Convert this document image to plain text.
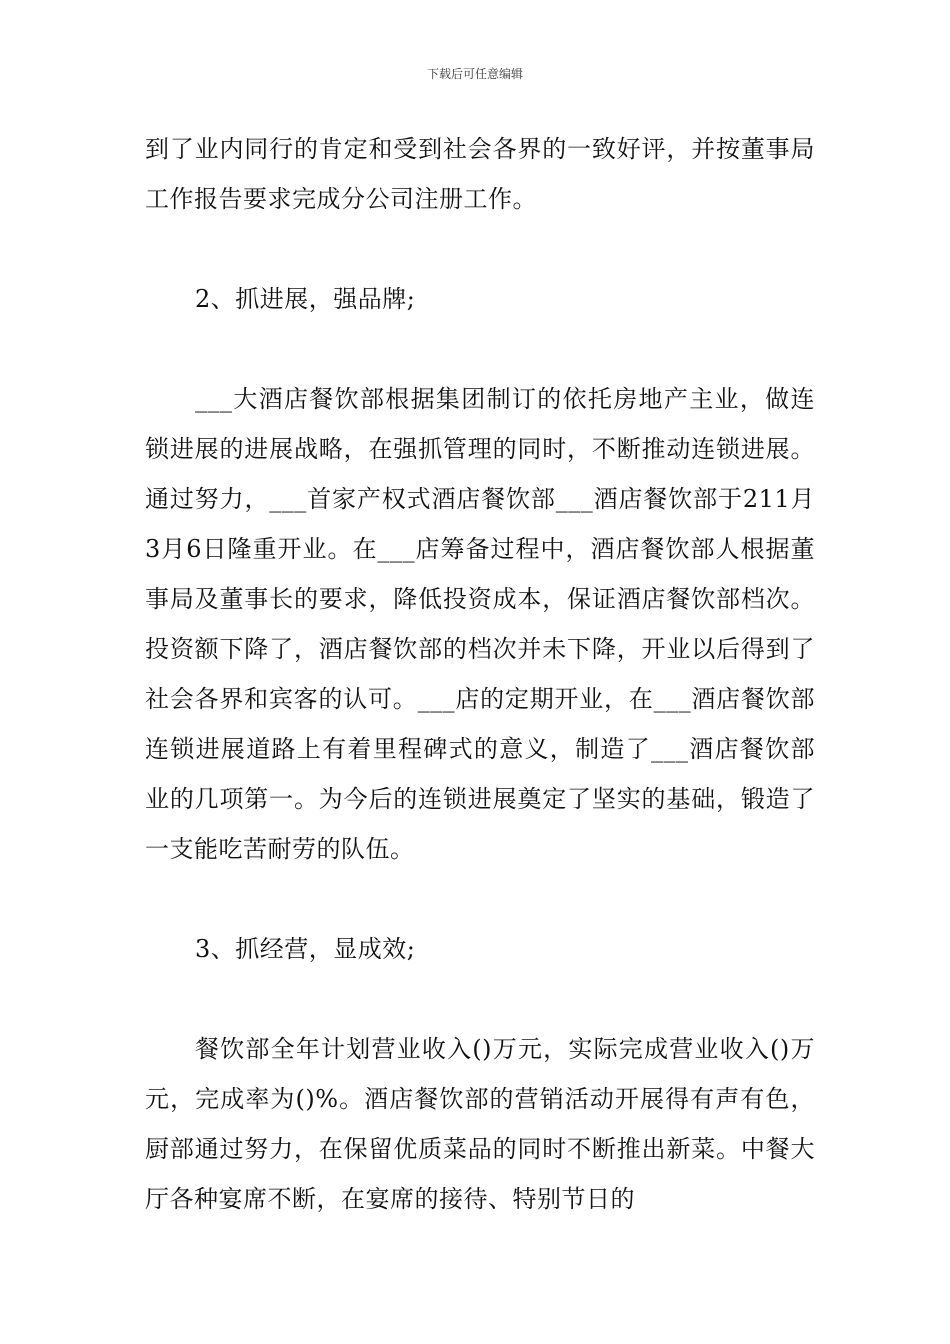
下载后可任意编辑

到了业内同行的肯定和受到社会各界的一致好评，并按董事局工作报告要求完成分公司注册工作。

2、抓进展，强品牌;

___大酒店餐饮部根据集团制订的依托房地产主业，做连锁进展的进展战略，在强抓管理的同时，不断推动连锁进展。通过努力，___首家产权式酒店餐饮部___酒店餐饮部于211月3月6日隆重开业。在___店筹备过程中，酒店餐饮部人根据董事局及董事长的要求，降低投资成本，保证酒店餐饮部档次。投资额下降了，酒店餐饮部的档次并未下降，开业以后得到了社会各界和宾客的认可。___店的定期开业，在___酒店餐饮部连锁进展道路上有着里程碑式的意义，制造了___酒店餐饮部业的几项第一。为今后的连锁进展奠定了坚实的基础，锻造了一支能吃苦耐劳的队伍。

3、抓经营，显成效;

餐饮部全年计划营业收入()万元，实际完成营业收入()万元，完成率为()%。酒店餐饮部的营销活动开展得有声有色，厨部通过努力，在保留优质菜品的同时不断推出新菜。中餐大厅各种宴席不断，在宴席的接待、特别节日的
